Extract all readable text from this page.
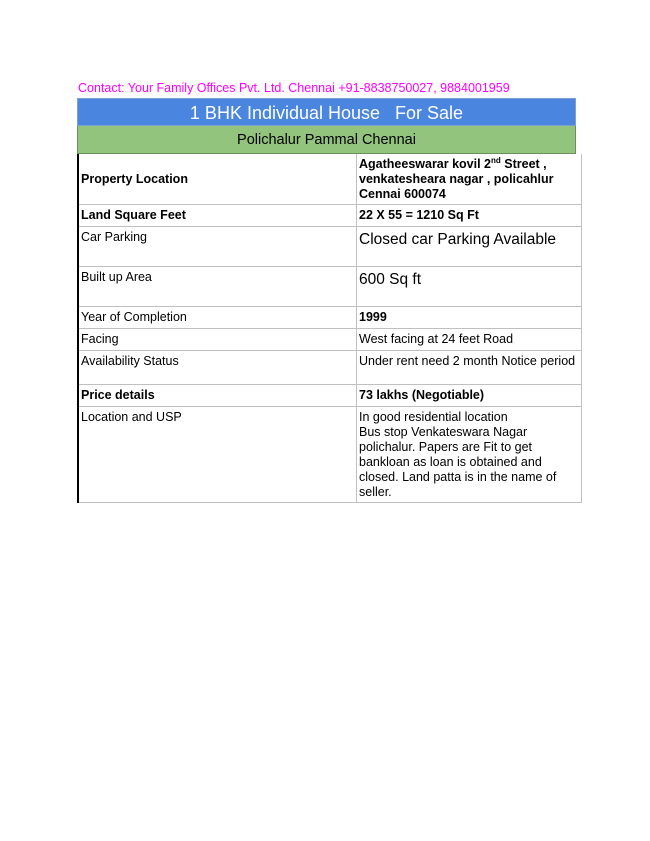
Contact: Your Family Offices Pvt. Ltd. Chennai +91-8838750027, 9884001959
1 BHK Individual House   For Sale
Polichalur Pammal Chennai
Property Location	Agatheeswarar kovil 2nd Street , venkatesheara nagar , policahlur Cennai 600074
Land Square Feet	22 X 55 = 1210 Sq Ft
Car Parking	Closed car Parking Available
Built up Area	600 Sq ft
Year of Completion	1999
Facing	West facing at 24 feet Road
Availability Status	Under rent need 2 month Notice period
Price details	73 lakhs (Negotiable)
Location and USP	In good residential location
Bus stop Venkateswara Nagar polichalur. Papers are Fit to get bankloan as loan is obtained and closed. Land patta is in the name of seller.
